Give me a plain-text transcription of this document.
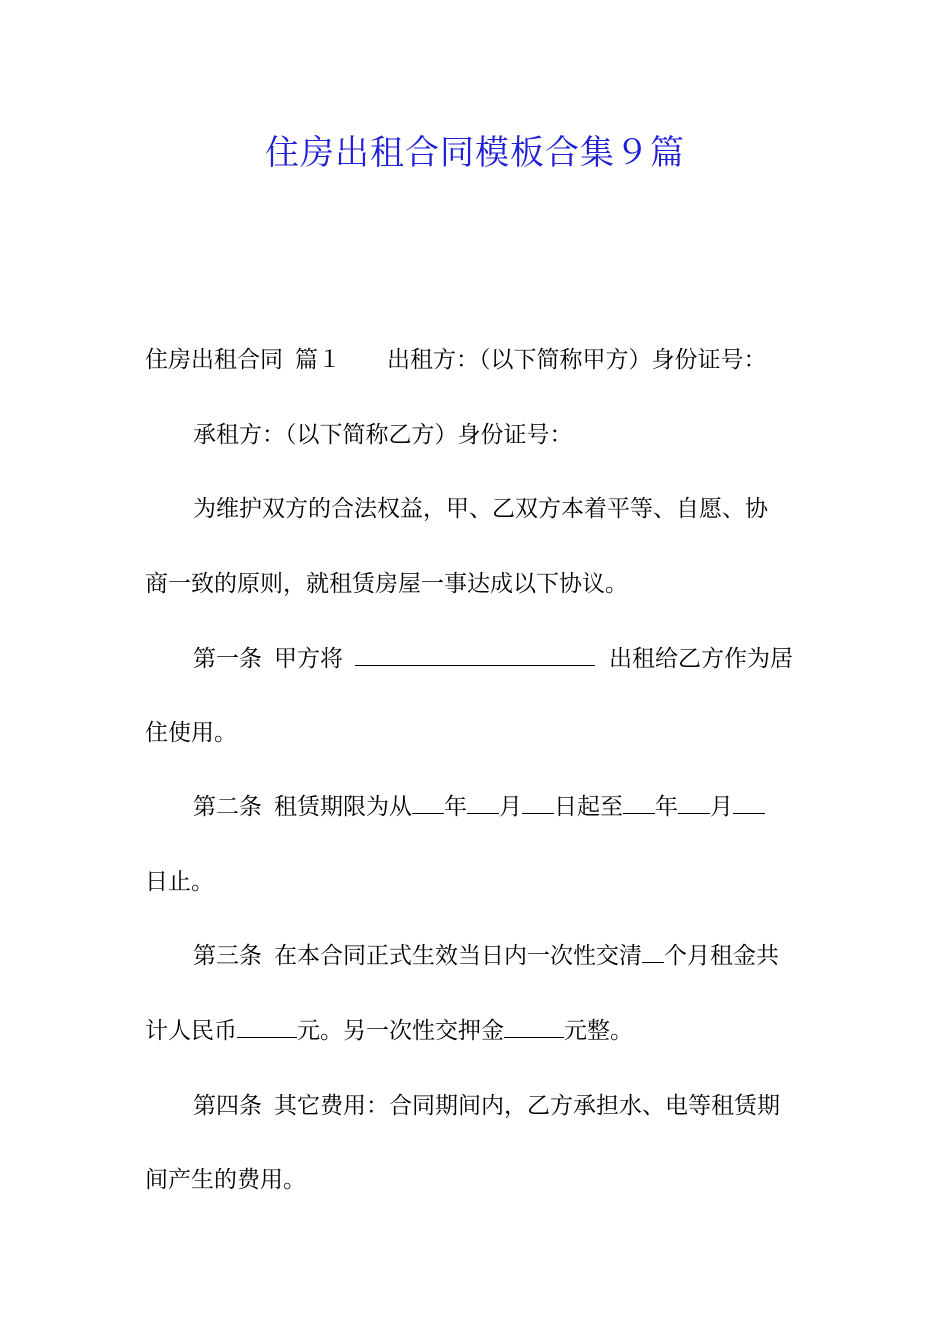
住房出租合同模板合集９篇
住房出租合同 篇１ 出租方：（以下简称甲方）身份证号：
承租方：（以下简称乙方）身份证号：
为维护双方的合法权益，甲、乙双方本着平等、自愿、协
商一致的原则，就租赁房屋一事达成以下协议。
第一条 甲方将	出租给乙方作为居
住使用。
第二条 租赁期限为从 年 月 日起至 年 月
日止。
第三条 在本合同正式生效当日内一次性交清 个月租金共
计人民币	元。另一次性交押金	元整。
第四条 其它费用：合同期间内，乙方承担水、电等租赁期
间产生的费用。
